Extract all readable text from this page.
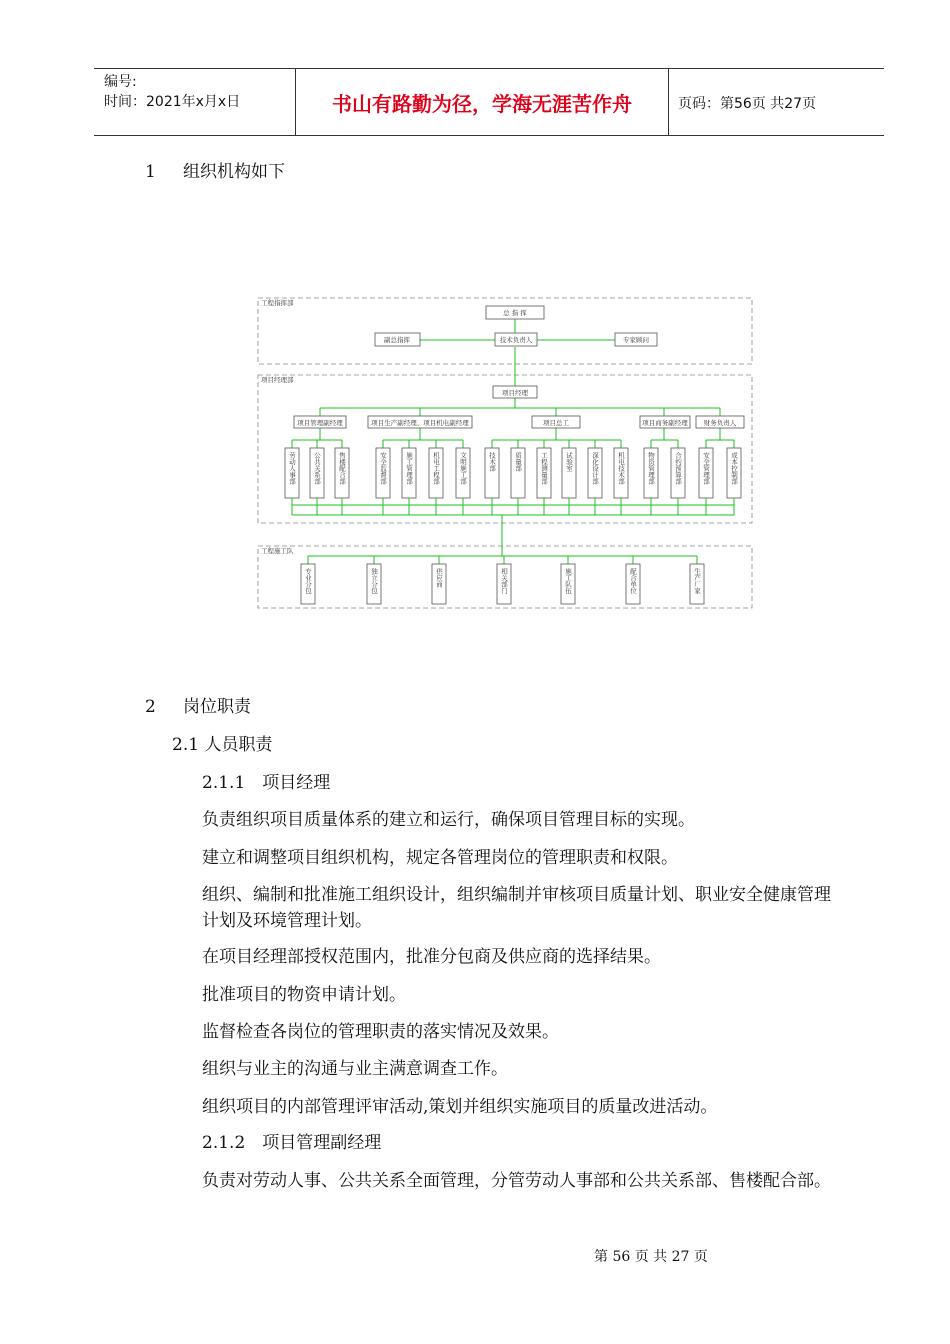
编号:
时间：2021年x月x日	书山有路勤为径，学海无涯苦作舟	页码：第56页 共27页
1 组织机构如下
工程指挥部
项目经理部
工程施工队
总 指 挥
技术负责人
副总指挥	专家顾问
项目经理
项目管理副经理	项目生产副经理、项目机电副经理	项目总工	项目商务副经理 财务负责人
劳动人事部	公共关系部	售楼配合部	安全监督部	施工管理部	机电工程部	文明施工部	技术部	质量部	工程测量部	试验室	深化设计部	机电技术部	物资管理部	合约预算部	安全管理部	成本控制部
专业分包	独立分包	供应商	相关部门	施工队伍	配合单位	生产厂家
2 岗位职责
2.1 人员职责
2.1.1　项目经理
负责组织项目质量体系的建立和运行，确保项目管理目标的实现。
建立和调整项目组织机构，规定各管理岗位的管理职责和权限。
组织、编制和批准施工组织设计，组织编制并审核项目质量计划、职业安全健康管理计划及环境管理计划。
在项目经理部授权范围内，批准分包商及供应商的选择结果。
批准项目的物资申请计划。
监督检查各岗位的管理职责的落实情况及效果。
组织与业主的沟通与业主满意调查工作。
组织项目的内部管理评审活动,策划并组织实施项目的质量改进活动。
2.1.2　项目管理副经理
负责对劳动人事、公共关系全面管理，分管劳动人事部和公共关系部、售楼配合部。
第 56 页 共 27 页
